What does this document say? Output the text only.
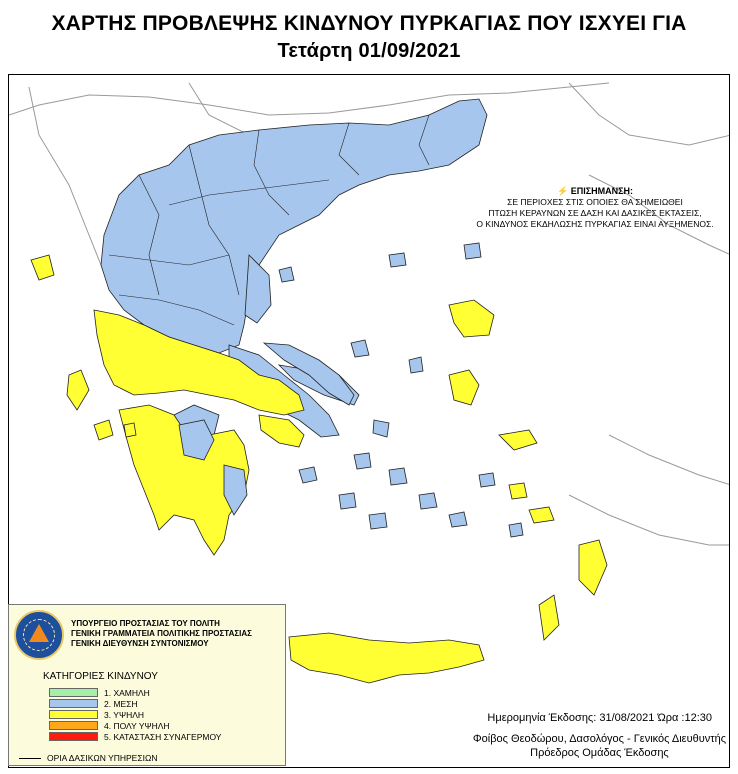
ΧΑΡΤΗΣ ΠΡΟΒΛΕΨΗΣ ΚΙΝΔΥΝΟΥ ΠΥΡΚΑΓΙΑΣ ΠΟΥ ΙΣΧΥΕΙ ΓΙΑ
Τετάρτη 01/09/2021
⚡ ΕΠΙΣΗΜΑΝΣΗ:
ΣΕ ΠΕΡΙΟΧΕΣ ΣΤΙΣ ΟΠΟΙΕΣ ΘΑ ΣΗΜΕΙΩΘΕΙ
ΠΤΩΣΗ ΚΕΡΑΥΝΩΝ ΣΕ ΔΑΣΗ ΚΑΙ ΔΑΣΙΚΕΣ ΕΚΤΑΣΕΙΣ,
Ο ΚΙΝΔΥΝΟΣ ΕΚΔΗΛΩΣΗΣ ΠΥΡΚΑΓΙΑΣ ΕΙΝΑΙ ΑΥΞΗΜΕΝΟΣ.
ΥΠΟΥΡΓΕΙΟ ΠΡΟΣΤΑΣΙΑΣ ΤΟΥ ΠΟΛΙΤΗ
ΓΕΝΙΚΗ ΓΡΑΜΜΑΤΕΙΑ ΠΟΛΙΤΙΚΗΣ ΠΡΟΣΤΑΣΙΑΣ
ΓΕΝΙΚΗ ΔΙΕΥΘΥΝΣΗ ΣΥΝΤΟΝΙΣΜΟΥ
ΚΑΤΗΓΟΡΙΕΣ ΚΙΝΔΥΝΟΥ
1. ΧΑΜΗΛΗ
2. ΜΕΣΗ
3. ΥΨΗΛΗ
4. ΠΟΛΥ ΥΨΗΛΗ
5. ΚΑΤΑΣΤΑΣΗ ΣΥΝΑΓΕΡΜΟΥ
ΟΡΙΑ ΔΑΣΙΚΩΝ ΥΠΗΡΕΣΙΩΝ
Ημερομηνία Έκδοσης: 31/08/2021 Ώρα :12:30
Φοίβος Θεοδώρου, Δασολόγος - Γενικός Διευθυντής
Πρόεδρος Ομάδας Έκδοσης
